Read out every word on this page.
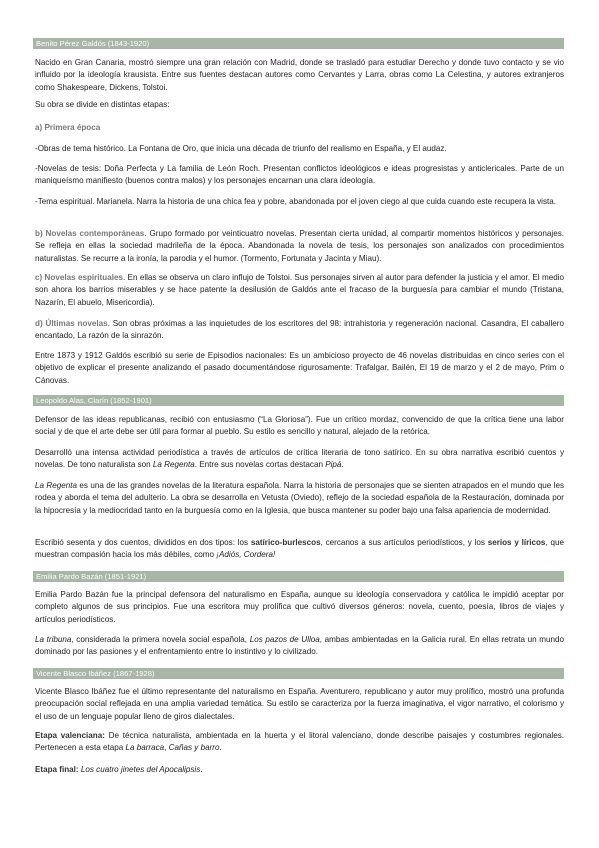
Benito Pérez Galdós (1843-1920)

Nacido en Gran Canaria, mostró siempre una gran relación con Madrid, donde se trasladó para estudiar Derecho y donde tuvo contacto y se vio influido por la ideología krausista. Entre sus fuentes destacan autores como Cervantes y Larra, obras como La Celestina, y autores extranjeros como Shakespeare, Dickens, Tolstoi.

Su obra se divide en distintas etapas:

a) Primera época

-Obras de tema histórico. La Fontana de Oro, que inicia una década de triunfo del realismo en España, y El audaz.

-Novelas de tesis: Doña Perfecta y La familia de León Roch. Presentan conflictos ideológicos e ideas progresistas y anticlericales. Parte de un maniqueísmo manifiesto (buenos contra malos) y los personajes encarnan una clara ideología.

-Tema espiritual. Marianela. Narra la historia de una chica fea y pobre, abandonada por el joven ciego al que cuida cuando este recupera la vista.

b) Novelas contemporáneas. Grupo formado por veinticuatro novelas. Presentan cierta unidad, al compartir momentos históricos y personajes. Se refleja en ellas la sociedad madrileña de la época. Abandonada la novela de tesis, los personajes son analizados con procedimientos naturalistas. Se recurre a la ironía, la parodia y el humor. (Tormento, Fortunata y Jacinta y Miau).

c) Novelas espirituales. En ellas se observa un claro influjo de Tolstoi. Sus personajes sirven al autor para defender la justicia y el amor. El medio son ahora los barrios miserables y se hace patente la desilusión de Galdós ante el fracaso de la burguesía para cambiar el mundo (Tristana, Nazarín, El abuelo, Misericordia).

d) Últimas novelas. Son obras próximas a las inquietudes de los escritores del 98: intrahistoria y regeneración nacional. Casandra, El caballero encantado, La razón de la sinrazón.

Entre 1873 y 1912 Galdós escribió su serie de Episodios nacionales: Es un ambicioso proyecto de 46 novelas distribuidas en cinco series con el objetivo de explicar el presente analizando el pasado documentándose rigurosamente: Trafalgar, Bailén, El 19 de marzo y el 2 de mayo, Prim o Cánovas.

Leopoldo Alas, Clarín (1852-1901)

Defensor de las ideas republicanas, recibió con entusiasmo (“La Gloriosa”). Fue un crítico mordaz, convencido de que la crítica tiene una labor social y de que el arte debe ser útil para formar al pueblo. Su estilo es sencillo y natural, alejado de la retórica.

Desarrolló una intensa actividad periodística a través de artículos de crítica literaria de tono satírico. En su obra narrativa escribió cuentos y novelas. De tono naturalista son La Regenta. Entre sus novelas cortas destacan Pipá.

La Regenta es una de las grandes novelas de la literatura española. Narra la historia de personajes que se sienten atrapados en el mundo que les rodea y aborda el tema del adulterio. La obra se desarrolla en Vetusta (Oviedo), reflejo de la sociedad española de la Restauración, dominada por la hipocresía y la mediocridad tanto en la burguesía como en la Iglesia, que busca mantener su poder bajo una falsa apariencia de modernidad.

Escribió sesenta y dos cuentos, divididos en dos tipos: los satírico-burlescos, cercanos a sus artículos periodísticos, y los serios y líricos, que muestran compasión hacia los más débiles, como ¡Adiós, Cordera!

Emilia Pardo Bazán (1851-1921)

Emilia Pardo Bazán fue la principal defensora del naturalismo en España, aunque su ideología conservadora y católica le impidió aceptar por completo algunos de sus principios. Fue una escritora muy prolífica que cultivó diversos géneros: novela, cuento, poesía, libros de viajes y artículos periodísticos.

La tribuna, considerada la primera novela social española, Los pazos de Ulloa, ambas ambientadas en la Galicia rural. En ellas retrata un mundo dominado por las pasiones y el enfrentamiento entre lo instintivo y lo civilizado.

Vicente Blasco Ibáñez (1867-1928)

Vicente Blasco Ibáñez fue el último representante del naturalismo en España. Aventurero, republicano y autor muy prolífico, mostró una profunda preocupación social reflejada en una amplia variedad temática. Su estilo se caracteriza por la fuerza imaginativa, el vigor narrativo, el colorismo y el uso de un lenguaje popular lleno de giros dialectales.

Etapa valenciana: De técnica naturalista, ambientada en la huerta y el litoral valenciano, donde describe paisajes y costumbres regionales. Pertenecen a esta etapa La barraca, Cañas y barro.

Etapa final: Los cuatro jinetes del Apocalipsis.
